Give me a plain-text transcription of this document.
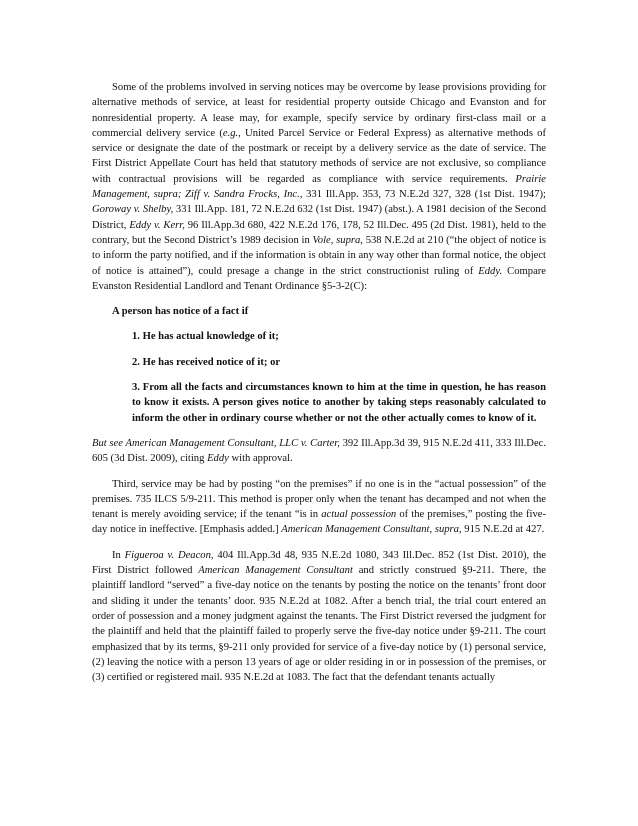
Some of the problems involved in serving notices may be overcome by lease provisions providing for alternative methods of service, at least for residential property outside Chicago and Evanston and for nonresidential property. A lease may, for example, specify service by ordinary first-class mail or a commercial delivery service (e.g., United Parcel Service or Federal Express) as alternative methods of service or designate the date of the postmark or receipt by a delivery service as the date of service. The First District Appellate Court has held that statutory methods of service are not exclusive, so compliance with contractual provisions will be regarded as compliance with service requirements. Prairie Management, supra; Ziff v. Sandra Frocks, Inc., 331 Ill.App. 353, 73 N.E.2d 327, 328 (1st Dist. 1947); Goroway v. Shelby, 331 Ill.App. 181, 72 N.E.2d 632 (1st Dist. 1947) (abst.). A 1981 decision of the Second District, Eddy v. Kerr, 96 Ill.App.3d 680, 422 N.E.2d 176, 178, 52 Ill.Dec. 495 (2d Dist. 1981), held to the contrary, but the Second District’s 1989 decision in Vole, supra, 538 N.E.2d at 210 (“the object of notice is to inform the party notified, and if the information is obtain in any way other than formal notice, the object of notice is attained”), could presage a change in the strict constructionist ruling of Eddy. Compare Evanston Residential Landlord and Tenant Ordinance §5-3-2(C):

A person has notice of a fact if

1. He has actual knowledge of it;

2. He has received notice of it; or

3. From all the facts and circumstances known to him at the time in question, he has reason to know it exists. A person gives notice to another by taking steps reasonably calculated to inform the other in ordinary course whether or not the other actually comes to know of it.

But see American Management Consultant, LLC v. Carter, 392 Ill.App.3d 39, 915 N.E.2d 411, 333 Ill.Dec. 605 (3d Dist. 2009), citing Eddy with approval.

Third, service may be had by posting “on the premises” if no one is in the “actual possession” of the premises. 735 ILCS 5/9-211. This method is proper only when the tenant has decamped and not when the tenant is merely avoiding service; if the tenant “is in actual possession of the premises,” posting the five-day notice in ineffective. [Emphasis added.] American Management Consultant, supra, 915 N.E.2d at 427.

In Figueroa v. Deacon, 404 Ill.App.3d 48, 935 N.E.2d 1080, 343 Ill.Dec. 852 (1st Dist. 2010), the First District followed American Management Consultant and strictly construed §9-211. There, the plaintiff landlord “served” a five-day notice on the tenants by posting the notice on the tenants’ front door and sliding it under the tenants’ door. 935 N.E.2d at 1082. After a bench trial, the trial court entered an order of possession and a money judgment against the tenants. The First District reversed the judgment for the plaintiff and held that the plaintiff failed to properly serve the five-day notice under §9-211. The court emphasized that by its terms, §9-211 only provided for service of a five-day notice by (1) personal service, (2) leaving the notice with a person 13 years of age or older residing in or in possession of the premises, or (3) certified or registered mail. 935 N.E.2d at 1083. The fact that the defendant tenants actually
